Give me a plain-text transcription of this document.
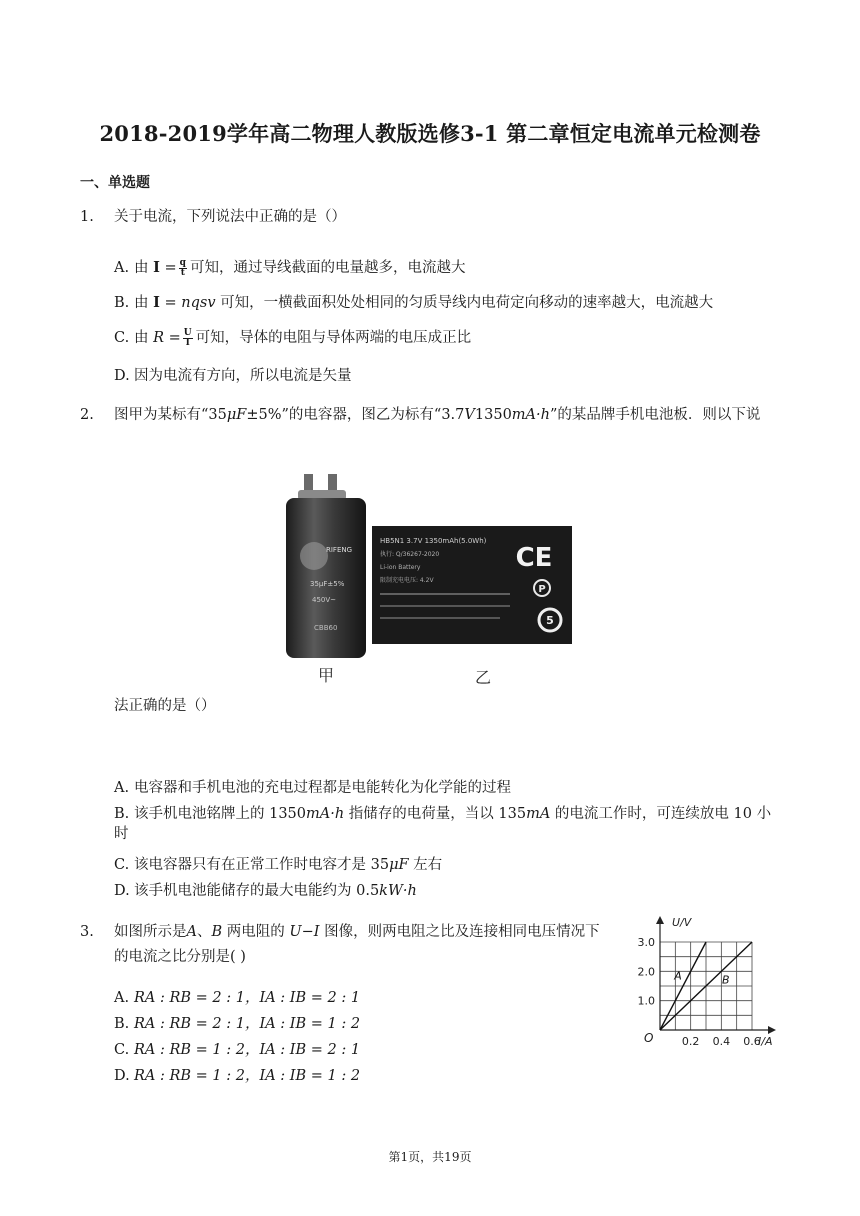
2018-2019学年高二物理人教版选修3-1 第二章恒定电流单元检测卷
一、单选题
1. 关于电流，下列说法中正确的是（）
A. 由 $I = \frac{q}{t}$ 可知，通过导线截面的电量越多，电流越大
B. 由 I = nqsv 可知，一横截面积处处相同的匀质导线内电荷定向移动的速率越大，电流越大
C. 由 $R = \frac{U}{I}$ 可知，导体的电阻与导体两端的电压成正比
D. 因为电流有方向，所以电流是矢量
2. 图甲为某标有“35μF±5%”的电容器，图乙为标有“3.7V1350mA·h”的某品牌手机电池板．则以下说
RIFENG
35μF±5%
450V~
CBB60
HB5N1 3.7V 1350mAh(5.0Wh)
执行: Q/36267-2020
Li-ion Battery
限制充电电压: 4.2V
CE
P
5
甲	乙
法正确的是（）
A. 电容器和手机电池的充电过程都是电能转化为化学能的过程
B. 该手机电池铭牌上的 1350mA·h 指储存的电荷量，当以 135mA 的电流工作时，可连续放电 10 小时
C. 该电容器只有在正常工作时电容才是 35μF 左右
D. 该手机电池能储存的最大电能约为 0.5kW·h
3. 如图所示是A、B 两电阻的 U−I 图像，则两电阻之比及连接相同电压情况下
的电流之比分别是( )
A. RA : RB = 2 : 1，IA : IB = 2 : 1
B. RA : RB = 2 : 1，IA : IB = 1 : 2
C. RA : RB = 1 : 2，IA : IB = 2 : 1
D. RA : RB = 1 : 2，IA : IB = 1 : 2
U/V
I/A
O	0.2 0.4 0.6
1.0
2.0
3.0
A	B
第1页，共19页
